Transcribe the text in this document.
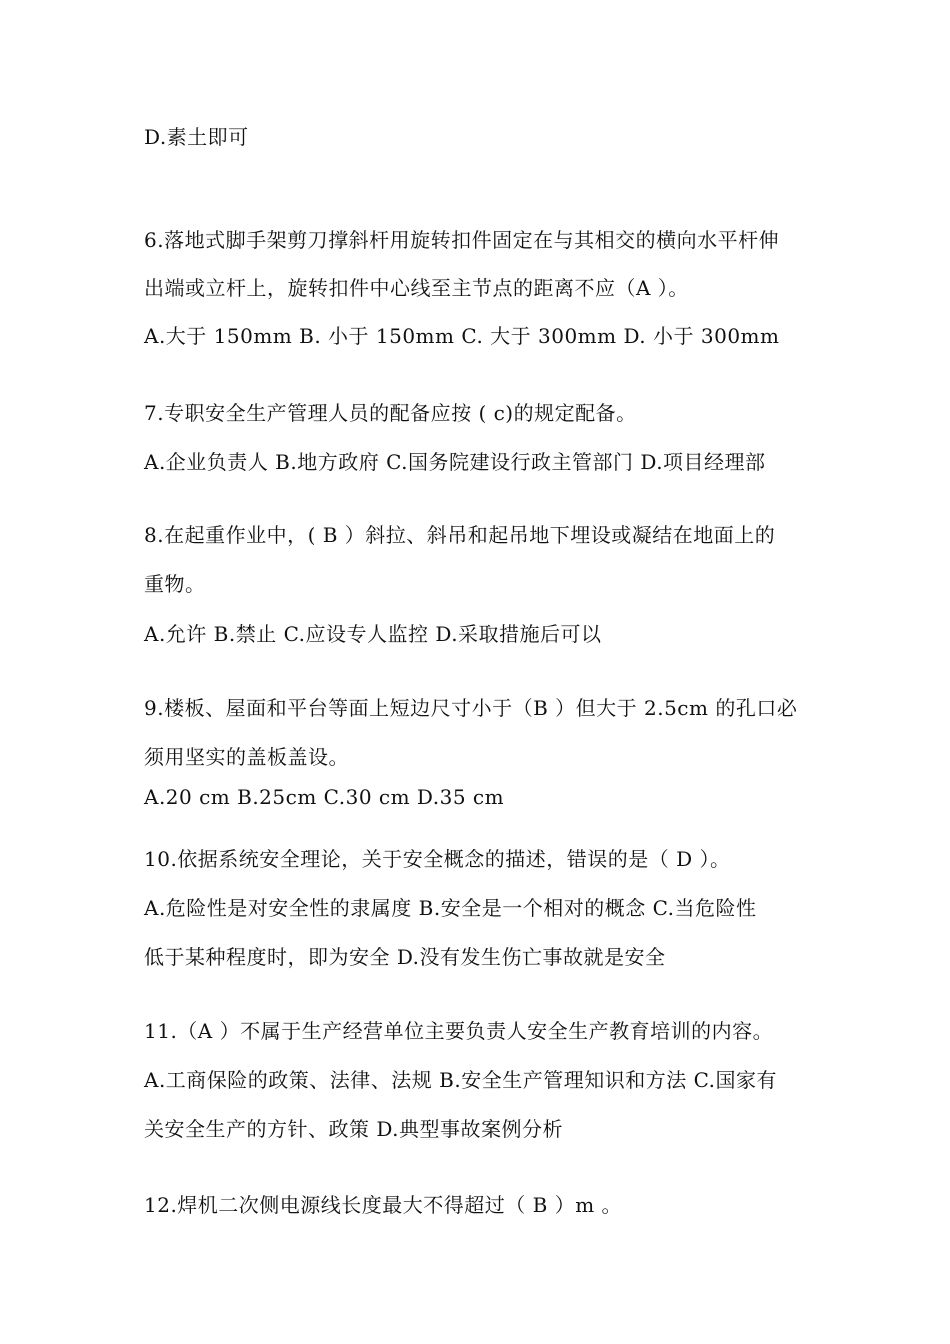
D.素土即可

6.落地式脚手架剪刀撑斜杆用旋转扣件固定在与其相交的横向水平杆伸

出端或立杆上，旋转扣件中心线至主节点的距离不应（A ）。

A.大于 150mm B. 小于 150mm C. 大于 300mm D. 小于 300mm

7.专职安全生产管理人员的配备应按 ( c)的规定配备。

A.企业负责人 B.地方政府 C.国务院建设行政主管部门 D.项目经理部

8.在起重作业中，( B ）斜拉、斜吊和起吊地下埋设或凝结在地面上的

重物。

A.允许 B.禁止 C.应设专人监控 D.采取措施后可以

9.楼板、屋面和平台等面上短边尺寸小于（B ）但大于 2.5cm 的孔口必

须用坚实的盖板盖设。

A.20 cm B.25cm C.30 cm D.35 cm

10.依据系统安全理论，关于安全概念的描述，错误的是（ D ）。

A.危险性是对安全性的隶属度 B.安全是一个相对的概念 C.当危险性

低于某种程度时，即为安全 D.没有发生伤亡事故就是安全

11.（A ）不属于生产经营单位主要负责人安全生产教育培训的内容。

A.工商保险的政策、法律、法规 B.安全生产管理知识和方法 C.国家有

关安全生产的方针、政策 D.典型事故案例分析

12.焊机二次侧电源线长度最大不得超过（ B ）m 。
